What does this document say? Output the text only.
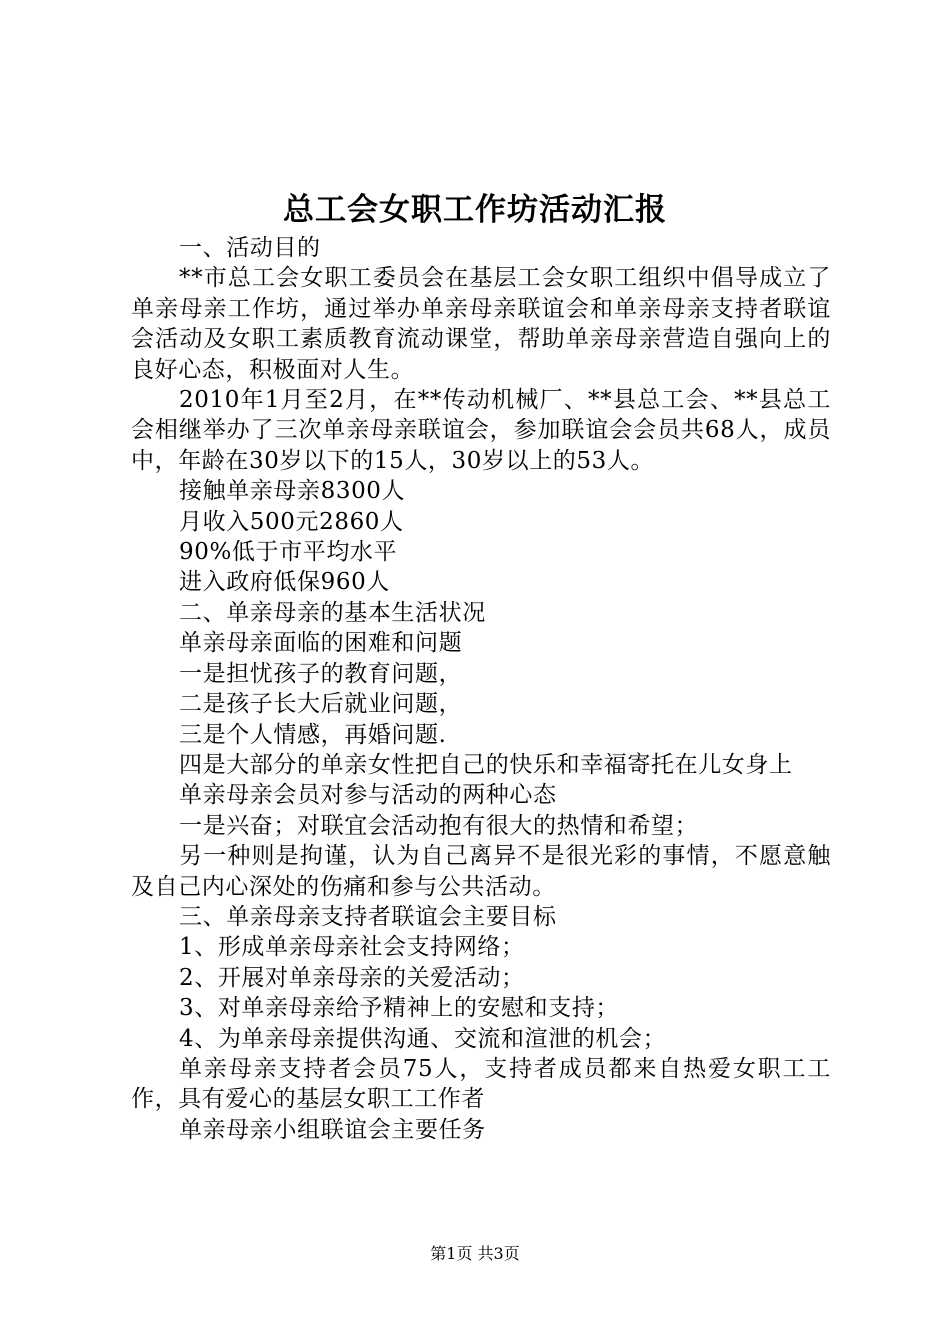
总工会女职工作坊活动汇报

一、活动目的

**市总工会女职工委员会在基层工会女职工组织中倡导成立了单亲母亲工作坊，通过举办单亲母亲联谊会和单亲母亲支持者联谊会活动及女职工素质教育流动课堂，帮助单亲母亲营造自强向上的良好心态，积极面对人生。

2010年1月至2月，在**传动机械厂、**县总工会、**县总工会相继举办了三次单亲母亲联谊会，参加联谊会会员共68人，成员中，年龄在30岁以下的15人，30岁以上的53人。

接触单亲母亲8300人

月收入500元2860人

90%低于市平均水平

进入政府低保960人

二、单亲母亲的基本生活状况

单亲母亲面临的困难和问题

一是担忧孩子的教育问题，

二是孩子长大后就业问题，

三是个人情感，再婚问题.

四是大部分的单亲女性把自己的快乐和幸福寄托在儿女身上

单亲母亲会员对参与活动的两种心态

一是兴奋；对联宜会活动抱有很大的热情和希望；

另一种则是拘谨，认为自己离异不是很光彩的事情，不愿意触及自己内心深处的伤痛和参与公共活动。

三、单亲母亲支持者联谊会主要目标

1、形成单亲母亲社会支持网络；

2、开展对单亲母亲的关爱活动；

3、对单亲母亲给予精神上的安慰和支持；

4、为单亲母亲提供沟通、交流和渲泄的机会；

单亲母亲支持者会员75人，支持者成员都来自热爱女职工工作，具有爱心的基层女职工工作者

单亲母亲小组联谊会主要任务

第1页 共3页
